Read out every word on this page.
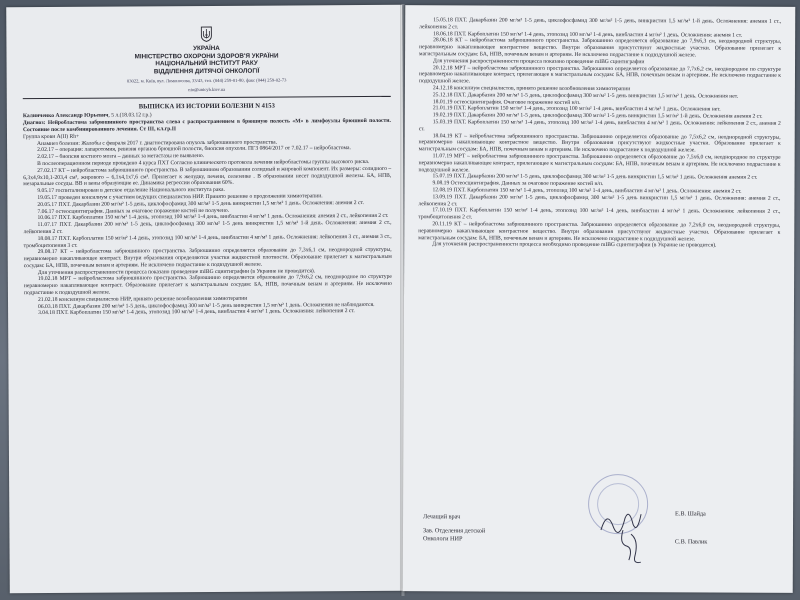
УКРАЇНА
МІНІСТЕРСТВО ОХОРОНИ ЗДОРОВ'Я УКРАЇНИ
НАЦІОНАЛЬНИЙ ІНСТИТУТ РАКУ
ВІДДІЛЕННЯ ДИТЯЧОЇ ОНКОЛОГІЇ
03022, м. Київ, вул. Ломоносова, 33/43, тел. (044) 259-01-80, факс (044) 259-02-73
nio@unicyb.kiev.ua
ВЫПИСКА ИЗ ИСТОРИИ БОЛЕЗНИ N 4153

Калинченко Александр Юрьевич, 5 л.(18.03.12 г.р.)

Диагноз: Нейробластома забрюшинного пространства слева с распространением в брюшную полость «М» в лимфоузлы брюшной полости. Состояние после комбинированного лечения. Ст III, кл.гр.II

Группа крови А(II) Rh+

Анамнез болезни: Жалобы с февраля 2017 г. диагностирована опухоль забрюшинного пространства.

2.02.17 – операция: лапаротомия, ревизия органов брюшной полости, биопсия опухоли. ПГЗ 0864/2017 от 7.02.17 – нейробластома.

2.02.17 – биопсия костного мозга – данных за метастазы не выявлено.

В послеоперационном периоде проведено 4 курса ПХТ Согласно клиническото протокола лечения нейробластомы группы высокого риска.

27.02.17 КТ – нейробластома забрюшинного пространства. В забрюшинном образовании солидный и жировой компонент. Их размеры: солидного – 6,3х4,9х10,1-203,4 см³, жирового – 6,1х4,1х7,6 см³. Прилегает к желудку, печени, селезенке . В образовании несет подвздушной железы. БА, НПВ, мезаральные сосуды. ВВ и вены образующие ее. Динамика регрессии образования 60%.

9.05.17 госпитализирован в детское отделение Национального института рака.

19.05.17 проведен консилиум с участием ведущих специалистов НИР. Принято решение о продолжении химиотерапии.

20.05.17 ПХТ. Дакарбазин 200 мг/м² 1-5 день, циклофосфамид 300 мг/м² 1-5 день винкристин 1,5 мг/м² 1 день. Осложнения: анемия 2 ст.

7.06.17 остеосцинтиграфия. Данных за очаговое поражение костей не получено.

10.06.17 ПХТ. Карбоплатин 150 мг/м² 1-4 день, этопозид 100 мг/м² 1-4 день, винбластин 4 мг/м² 1 день. Осложнения: анемия 2 ст., лейкопения 2 ст.

11.07.17 ПХТ. Дакарбазин 200 мг/м² 1-5 день, циклофосфамид 300 мг/м² 1-5 день винкристин 1,5 мг/м² 1-й день. Осложнения: анемия 2 ст., лейкопения 2 ст.

18.08.17 ПХТ. Карбоплатин 150 мг/м² 1-4 день, этопозид 100 мг/м² 1-4 день, винбластин 4 мг/м² 1 день. Осложнения: лейкопения 3 ст., анемия 3 ст., тромбоцитопения 3 ст.

29.08.17 КТ – нейробластома забрюшинного пространства. Забрюшинно определяется образование до 7,3х6,1 см, неоднородной структуры, неравномерно накапливающее контраст. Внутри образования определяются участки жидкостной плотности. Образование прилегает к магистральным сосудам: БА, НПВ, почечным венам и артериям. Не исключено подрастание к подвздушной железе.

Для уточнения распространенности процесса показано проведение mIBG сцинтиграфии (в Украине не проводится).

19.02.18 МРТ – нейробластома забрюшинного пространства. Забрюшинно определяется образование до 7,9х6,2 см, неоднородное по структуре неравномерно накапливающее контраст. Образование прилегает к магистральным сосудам: БА, НПВ, почечным венам и артериям. Не исключено подрастание к подвздушной железе.

21.02.18 консилиум специалистов НИР, принято решение возобновления химиотерапии

06.03.18 ПХТ. Дакарбазин 200 мг/м² 1-5 день, циклофосфамид 300 мг/м² 1-5 день винкристин 1,5 мг/м² 1 день. Осложнения не наблюдаются.

3.04.18 ПХТ. Карбоплатин 150 мг/м² 1-4 день, этопозид 100 мг/м² 1-4 день, винбластин 4 мг/м² 1 день. Осложнения: лейкопения 2 ст.

15.05.18 ПХТ. Дакарбазин 200 мг/м² 1-5 день, циклофосфамид 300 мг/м² 1-5 день, винкристин 1,5 мг/м² 1-й день. Осложнения: анемия 1 ст., лейкопения 2 ст.

18.06.18 ПХТ. Карбоплатин 150 мг/м² 1-4 день, этопозид 100 мг/м² 1-4 день, винбластин 4 мг/м² 1 день. Осложнения: анемия 1 ст.

28.06.18 КТ – нейробластома забрюшинного пространства. Забрюшинно определяется образование до 7,9х6,3 см, неоднородной структуры, неравномерно накапливающее контрастное вещество. Внутри образования присутствуют жидкостные участки. Образование прилегает к магистральным сосудам: БА, НПВ, почечным венам и артериям. Не исключено подрастание к подвздушной железе.

Для уточнения распространенности процесса показано проведение mIBG сцинтиграфии

20.12.18 МРТ – нейробластома забрюшинного пространства. Забрюшинно определяется образование до 7,7х6,2 см, неоднородное по структуре неравномерно накапливающее контраст, прилегающее к магистральным сосудам: БА, НПВ, почечным венам и артериям. Не исключено подрастание к подвздушной железе.

24.12.18 консилиум специалистов, принято решение возобновления химиотерапии

25.12.18 ПХТ. Дакарбазин 200 мг/м² 1-5 день, циклофосфамид 300 мг/м² 1-5 день винкристин 1,5 мг/м² 1 день. Осложнения нет.

18.01.19 остеосцинтиграфия. Очаговое поражение костей н/п.

21.01.19 ПХТ. Карбоплатин 150 мг/м² 1-4 день, этопозид 100 мг/м² 1-4 день, винбластин 4 мг/м² 1 день. Осложнения нет.

19.02.19 ПХТ. Дакарбазин 200 мг/м² 1-5 день, циклофосфамид 300 мг/м² 1-5 день винкристин 1,5 мг/м² 1-й день. Осложнения анемия 2 ст.

15.03.19 ПХТ. Карбоплатин 150 мг/м² 1-4 день, этопозид 100 мг/м² 1-4 день, винбластин 4 мг/м² 1 день. Осложнения: лейкопения 2 ст., анемия 2 ст.

18.04.19 КТ – нейробластома забрюшинного пространства. Забрюшинно определяется образование до 7,5х6,2 см, неоднородной структуры, неравномерно накапливающее контрастное вещество. Внутри образования присутствуют жидкостные участки. Образование прилегает к магистральным сосудам: БА, НПВ, почечным венам и артериям. Не исключено подрастание к подвздушной железе.

11.07.19 МРТ – нейробластома забрюшинного пространства. Забрюшинно определяется образование до 7,5х6,0 см, неоднородное по структуре неравномерно накапливающее контраст, прилегающее к магистральным сосудам: БА, НПВ, почечным венам и артериям. Не исключено подрастание к подвздушной железе.

15.07.19 ПХТ. Дакарбазин 200 мг/м² 1-5 день, циклофосфамид 300 мг/м² 1-5 день винкристин 1,5 мг/м² 1 день. Осложнения анемия 2 ст.

9.08.19 Остеосцинтиграфия. Данных за очаговое поражение костей н/п.

12.08.19 ПХТ. Карбоплатин 150 мг/м² 1-4 день, этопозид 100 мг/м² 1-4 день, винбластин 4 мг/м² 1 день. Осложнения: анемия 2 ст.

13.09.19 ПХТ. Дакарбазин 200 мг/м² 1-5 день, циклофосфамид 300 мг/м² 1-5 день винкристин 1,5 мг/м² 1 день. Осложнения: анемия 2 ст., лейкопения 2 ст.

17.10.19 ПХТ. Карбоплатин 150 мг/м² 1-4 день, этопозид 100 мг/м² 1-4 день, винбластин 4 мг/м² 1 день. Осложнения: лейкопения 2 ст., тромбоцитопения 2 ст.

20.11.19 КТ – нейробластома забрюшинного пространства. Забрюшинно определяется образование до 7,2х6,0 см, неоднородной структуры, неравномерно накапливающее контрастное вещество. Внутри образования присутствуют жидкостные участки. Образование прилегает к магистральным сосудам: БА, НПВ, почечным венам и артериям. Не исключено подрастание к подвздушной железе.

Для уточнения распространенности процесса необходимо проведение mIBG сцинтиграфии (в Украине не проводится).

Лечащий врач	Е.В. Шайда
Зав. Отделения детской
Онкологи НИР	С.В. Павлик
